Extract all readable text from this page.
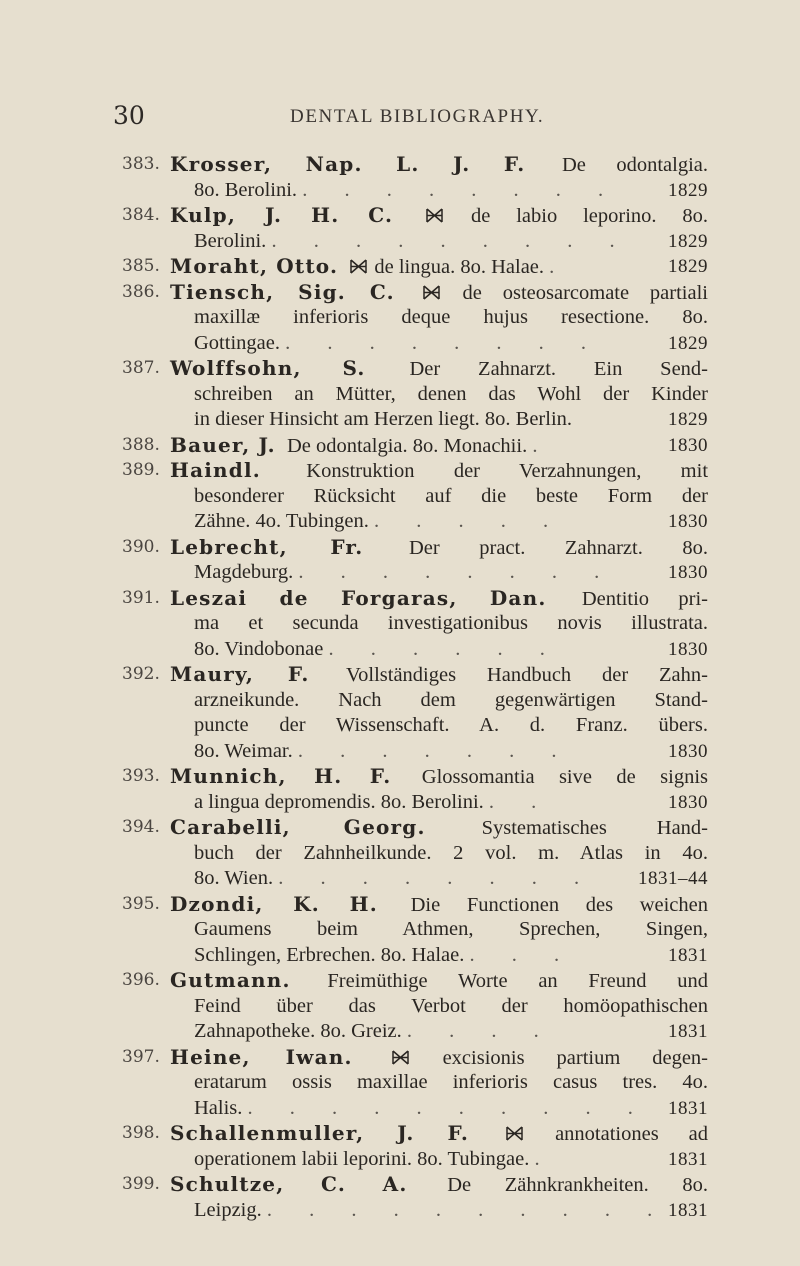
30	DENTAL BIBLIOGRAPHY.
383. Krosser, Nap. L. J. F. De odontalgia.
8o. Berolini. . . . . . . . .	1829
384. Kulp, J. H. C.	de labio leporino. 8o.
Berolini. . . . . . . . . . 1829
385. Moraht, Otto. de lingua. 8o. Halae. .	1829
386. Tiensch, Sig. C.	de osteosarcomate partiali
maxillæ inferioris deque hujus resectione. 8o.
Gottingae. . . . . . . . .	1829
387. Wolffsohn, S. Der Zahnarzt. Ein Send-
schreiben an Mütter, denen das Wohl der Kinder
in dieser Hinsicht am Herzen liegt. 8o. Berlin.	1829
388. Bauer, J. De odontalgia. 8o. Monachii. .	1830
389. Haindl. Konstruktion der Verzahnungen, mit
besonderer Rücksicht auf die beste Form der
Zähne. 4o. Tubingen. . . . . .	1830
390. Lebrecht, Fr. Der pract. Zahnarzt. 8o.
Magdeburg. . . . . . . . .	1830
391. Leszai de Forgaras, Dan. Dentitio pri-
ma et secunda investigationibus novis illustrata.
8o. Vindobonae . . . . . .	1830
392. Maury, F. Vollständiges Handbuch der Zahn-
arzneikunde. Nach dem gegenwärtigen Stand-
puncte der Wissenschaft. A. d. Franz. übers.
8o. Weimar. . . . . . . .	1830
393. Munnich, H. F. Glossomantia sive de signis
a lingua depromendis. 8o. Berolini. . .	1830
394. Carabelli, Georg.	Systematisches Hand-
buch der Zahnheilkunde. 2 vol. m. Atlas in 4o.
8o. Wien. . . . . . . . . 1831–44
395. Dzondi, K. H. Die Functionen des weichen
Gaumens beim Athmen, Sprechen, Singen,
Schlingen, Erbrechen. 8o. Halae. . . .	1831
396. Gutmann. Freimüthige Worte an Freund und
Feind über das Verbot der homöopathischen
Zahnapotheke. 8o. Greiz. . . . .	1831
397. Heine, Iwan.	excisionis partium degen-
eratarum ossis maxillae inferioris casus tres. 4o.
Halis. . . . . . . . . . . 1831
398. Schallenmuller, J. F.	annotationes ad
operationem labii leporini. 8o. Tubingae. .	1831
399. Schultze, C. A. De Zähnkrankheiten. 8o.
Leipzig. . . . . . . . . . . 1831
